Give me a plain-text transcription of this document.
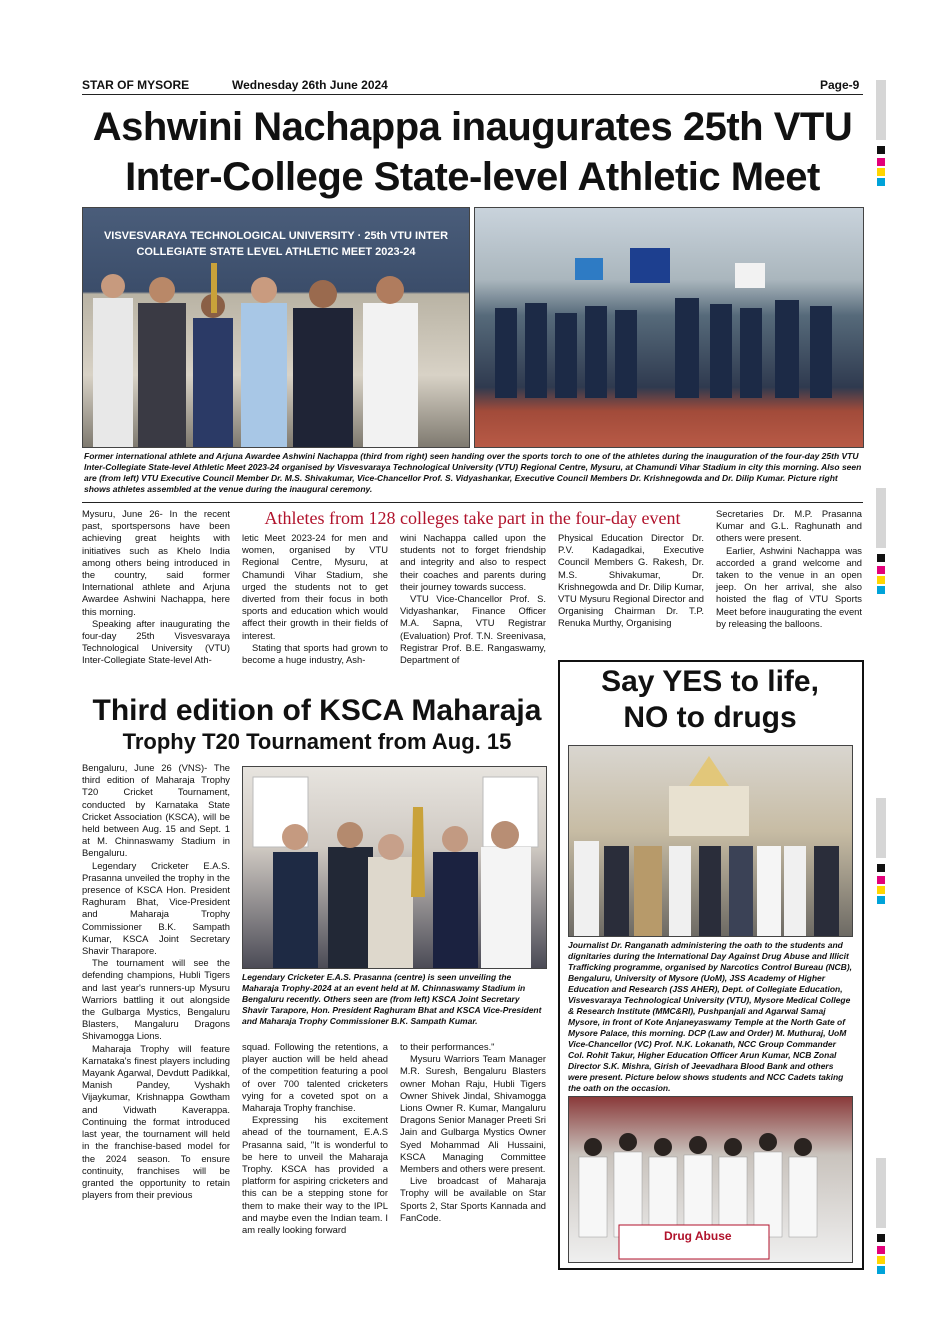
STAR OF MYSORE	Wednesday 26th June 2024	Page-9
Ashwini Nachappa inaugurates 25th VTU
Inter-College State-level Athletic Meet
VISVESVARAYA TECHNOLOGICAL UNIVERSITY · 25th VTU INTER COLLEGIATE STATE LEVEL ATHLETIC MEET 2023-24
Former international athlete and Arjuna Awardee Ashwini Nachappa (third from right) seen handing over the sports torch to one of the athletes during the inauguration of the four-day 25th VTU Inter-Collegiate State-level Athletic Meet 2023-24 organised by Visvesvaraya Technological University (VTU) Regional Centre, Mysuru, at Chamundi Vihar Stadium in city this morning. Also seen are (from left) VTU Executive Council Member Dr. M.S. Shivakumar, Vice-Chancellor Prof. S. Vidyashankar, Executive Council Members Dr. Krishnegowda and Dr. Dilip Kumar. Picture right shows athletes assembled at the venue during the inaugural ceremony.

Mysuru, June 26- In the recent past, sportspersons have been achieving great heights with initiatives such as Khelo India among others being introduced in the country, said former International athlete and Arjuna Awardee Ashwini Nachappa, here this morning.

Speaking after inaugurating the four-day 25th Visvesvaraya Technological University (VTU) Inter-Collegiate State-level Ath-

Athletes from 128 colleges take part in the four-day event

letic Meet 2023-24 for men and women, organised by VTU Regional Centre, Mysuru, at Chamundi Vihar Stadium, she urged the students not to get diverted from their focus in both sports and education which would affect their growth in their fields of interest.

Stating that sports had grown to become a huge industry, Ash-

wini Nachappa called upon the students not to forget friendship and integrity and also to respect their coaches and parents during their journey towards success.

VTU Vice-Chancellor Prof. S. Vidyashankar, Finance Officer M.A. Sapna, VTU Registrar (Evaluation) Prof. T.N. Sreenivasa, Registrar Prof. B.E. Rangaswamy, Department of

Physical Education Director Dr. P.V. Kadagadkai, Executive Council Members G. Rakesh, Dr. M.S. Shivakumar, Dr. Krishnegowda and Dr. Dilip Kumar, VTU Mysuru Regional Director and Organising Chairman Dr. T.P. Renuka Murthy, Organising

Secretaries Dr. M.P. Prasanna Kumar and G.L. Raghunath and others were present.

Earlier, Ashwini Nachappa was accorded a grand welcome and taken to the venue in an open jeep. On her arrival, she also hoisted the flag of VTU Sports Meet before inaugurating the event by releasing the balloons.

Third edition of KSCA Maharaja
Trophy T20 Tournament from Aug. 15

Bengaluru, June 26 (VNS)- The third edition of Maharaja Trophy T20 Cricket Tournament, conducted by Karnataka State Cricket Association (KSCA), will be held between Aug. 15 and Sept. 1 at M. Chinnaswamy Stadium in Bengaluru.

Legendary Cricketer E.A.S. Prasanna unveiled the trophy in the presence of KSCA Hon. President Raghuram Bhat, Vice-President and Maharaja Trophy Commissioner B.K. Sampath Kumar, KSCA Joint Secretary Shavir Tharapore.

The tournament will see the defending champions, Hubli Tigers and last year's runners-up Mysuru Warriors battling it out alongside the Gulbarga Mystics, Bengaluru Blasters, Mangaluru Dragons Shivamogga Lions.

Maharaja Trophy will feature Karnataka's finest players including Mayank Agarwal, Devdutt Padikkal, Manish Pandey, Vyshakh Vijaykumar, Krishnappa Gowtham and Vidwath Kaverappa. Continuing the format introduced last year, the tournament will held in the franchise-based model for the 2024 season. To ensure continuity, franchises will be granted the opportunity to retain players from their previous

Legendary Cricketer E.A.S. Prasanna (centre) is seen unveiling the Maharaja Trophy-2024 at an event held at M. Chinnaswamy Stadium in Bengaluru recently. Others seen are (from left) KSCA Joint Secretary Shavir Tarapore, Hon. President Raghuram Bhat and KSCA Vice-President and Maharaja Trophy Commissioner B.K. Sampath Kumar.

squad. Following the retentions, a player auction will be held ahead of the competition featuring a pool of over 700 talented cricketers vying for a coveted spot on a Maharaja Trophy franchise.

Expressing his excitement ahead of the tournament, E.A.S Prasanna said, "It is wonderful to be here to unveil the Maharaja Trophy. KSCA has provided a platform for aspiring cricketers and this can be a stepping stone for them to make their way to the IPL and maybe even the Indian team. I am really looking forward

to their performances."

Mysuru Warriors Team Manager M.R. Suresh, Bengaluru Blasters owner Mohan Raju, Hubli Tigers Owner Shivek Jindal, Shivamogga Lions Owner R. Kumar, Mangaluru Dragons Senior Manager Preeti Sri Jain and Gulbarga Mystics Owner Syed Mohammad Ali Hussaini, KSCA Managing Committee Members and others were present.

Live broadcast of Maharaja Trophy will be available on Star Sports 2, Star Sports Kannada and FanCode.

Say YES to life,
NO to drugs
Journalist Dr. Ranganath administering the oath to the students and dignitaries during the International Day Against Drug Abuse and Illicit Trafficking programme, organised by Narcotics Control Bureau (NCB), Bengaluru, University of Mysore (UoM), JSS Academy of Higher Education and Research (JSS AHER), Dept. of Collegiate Education, Visvesvaraya Technological University (VTU), Mysore Medical College & Research Institute (MMC&RI), Pushpanjali and Agarwal Samaj Mysore, in front of Kote Anjaneyaswamy Temple at the North Gate of Mysore Palace, this morning. DCP (Law and Order) M. Muthuraj, UoM Vice-Chancellor (VC) Prof. N.K. Lokanath, NCC Group Commander Col. Rohit Takur, Higher Education Officer Arun Kumar, NCB Zonal Director S.K. Mishra, Girish of Jeevadhara Blood Bank and others were present. Picture below shows students and NCC Cadets taking the oath on the occasion.
Drug Abuse
